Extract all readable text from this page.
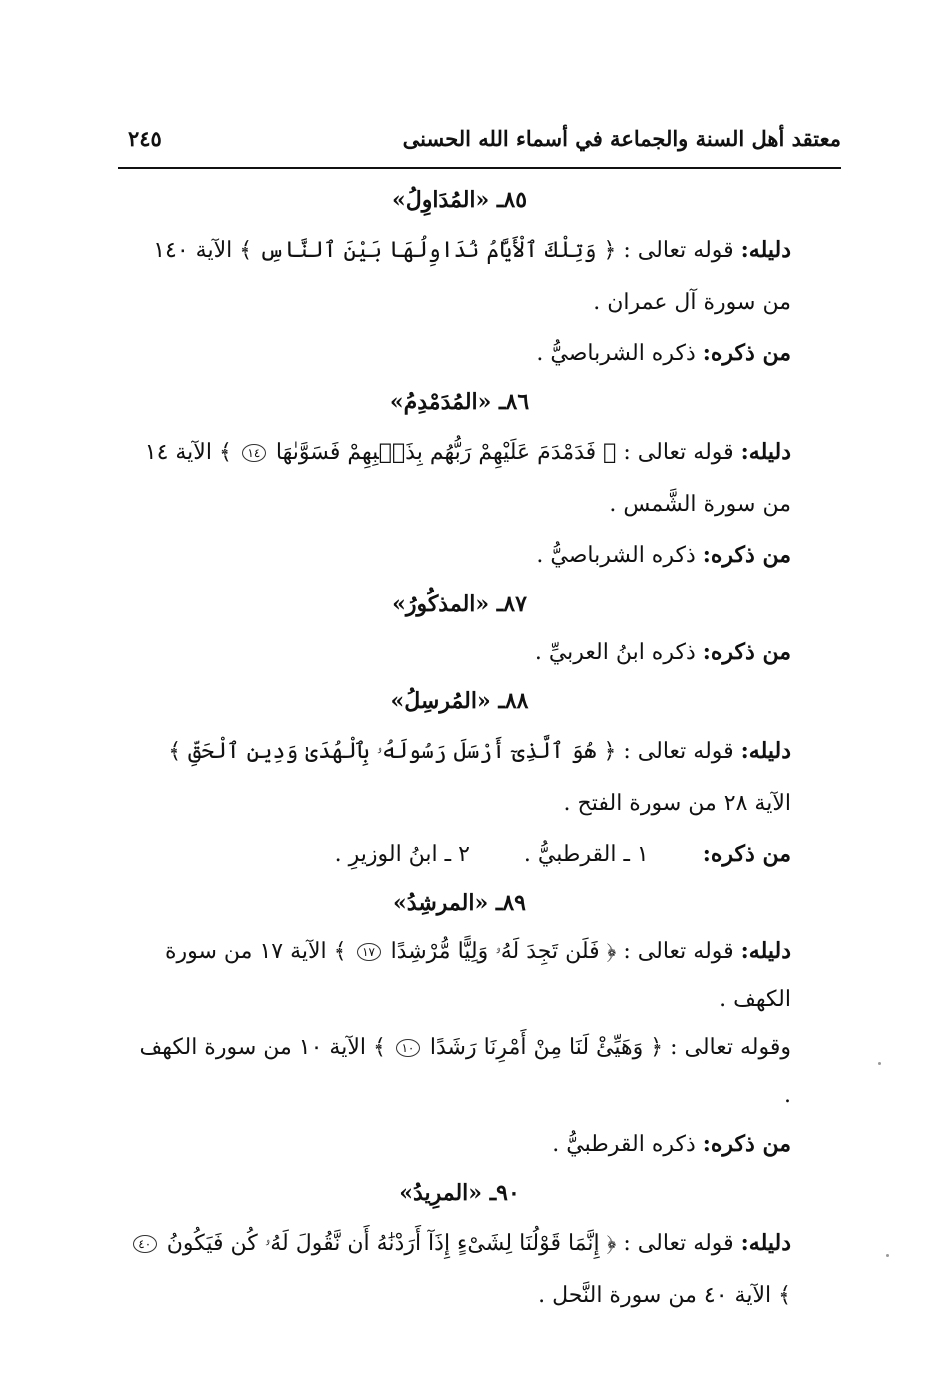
معتقد أهل السنة والجماعة في أسماء الله الحسنى
٢٤٥
٨٥ـ «المُدَاوِلُ»
دليله: قوله تعالى : ﴿ وَتِلْكَ ٱلْأَيَّامُ نُدَاوِلُهَا بَيْنَ ٱلنَّاسِ ﴾ الآية ١٤٠ من سورة آل عمران .
من ذكره: ذكره الشرباصيُّ .
٨٦ـ «المُدَمْدِمُ»
دليله: قوله تعالى : ﴿ فَدَمْدَمَ عَلَيْهِمْ رَبُّهُم بِذَنۢبِهِمْ فَسَوَّىٰهَا ١٤ ﴾ الآية ١٤ من سورة الشَّمس .
من ذكره: ذكره الشرباصيُّ .
٨٧ـ «المذكُورُ»
من ذكره: ذكره ابنُ العربيِّ .
٨٨ـ «المُرسِلُ»
دليله: قوله تعالى : ﴿ هُوَ ٱلَّذِىٓ أَرْسَلَ رَسُولَهُۥ بِٱلْهُدَىٰ وَدِينِ ٱلْحَقِّ ﴾ الآية ٢٨ من سورة الفتح .
من ذكره:  ١ ـ القرطبيُّ .  ٢ ـ ابنُ الوزيرِ .
٨٩ـ «المرشِدُ»
دليله: قوله تعالى : ﴿ فَلَن تَجِدَ لَهُۥ وَلِيًّا مُّرْشِدًا ١٧ ﴾ الآية ١٧ من سورة الكهف .
وقوله تعالى : ﴿ وَهَيِّئْ لَنَا مِنْ أَمْرِنَا رَشَدًا ١٠ ﴾ الآية ١٠ من سورة الكهف .
من ذكره: ذكره القرطبيُّ .
٩٠ـ «المرِيدُ»
دليله: قوله تعالى : ﴿ إِنَّمَا قَوْلُنَا لِشَىْءٍ إِذَآ أَرَدْنَٰهُ أَن نَّقُولَ لَهُۥ كُن فَيَكُونُ ٤٠ ﴾ الآية ٤٠ من سورة النَّحل .
